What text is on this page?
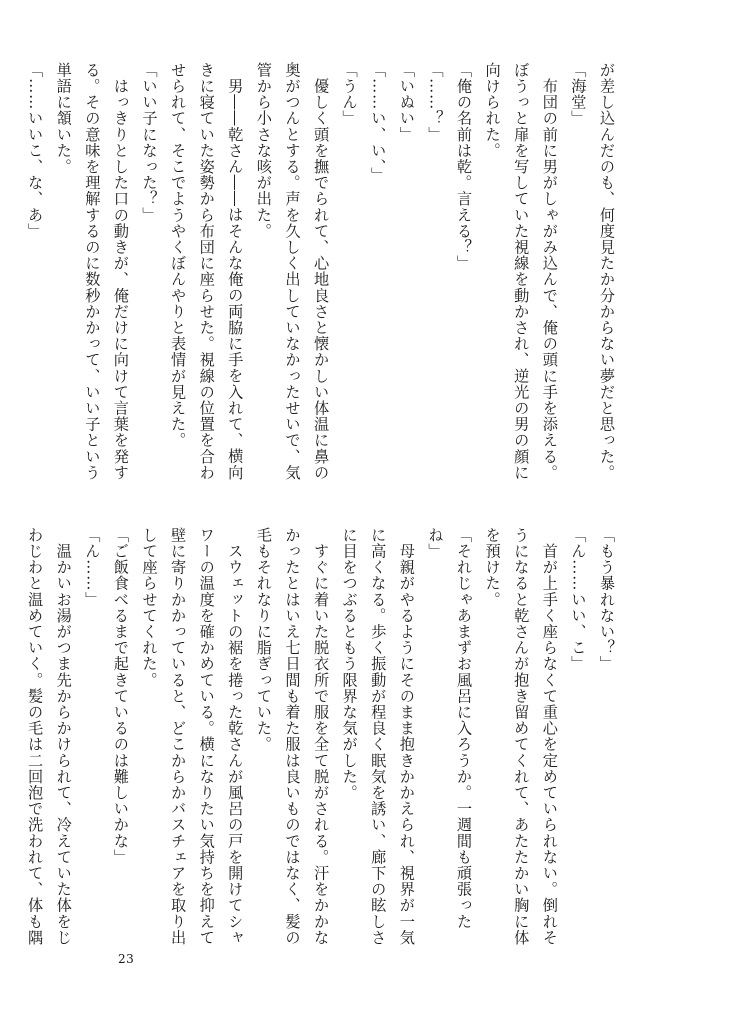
が差し込んだのも、何度見たか分からない夢だと思った。
「海堂」
　布団の前に男がしゃがみ込んで、俺の頭に手を添える。
ぼうっと扉を写していた視線を動かされ、逆光の男の顔に
向けられた。
「俺の名前は乾。言える？」
「……？」
「いぬい」
「……い、い、」
「うん」
　優しく頭を撫でられて、心地良さと懐かしい体温に鼻の
奥がつんとする。声を久しく出していなかったせいで、気
管から小さな咳が出た。
　男――乾さん――はそんな俺の両脇に手を入れて、横向
きに寝ていた姿勢から布団に座らせた。視線の位置を合わ
せられて、そこでようやくぼんやりと表情が見えた。
「いい子になった？」
　はっきりとした口の動きが、俺だけに向けて言葉を発す
る。その意味を理解するのに数秒かかって、いい子という
単語に頷いた。
「……いいこ、な、あ」
「もう暴れない？」
「ん……いい、こ」
　首が上手く座らなくて重心を定めていられない。倒れそ
うになると乾さんが抱き留めてくれて、あたたかい胸に体
を預けた。
「それじゃあまずお風呂に入ろうか。一週間も頑張った
ね」
　母親がやるようにそのまま抱きかかえられ、視界が一気
に高くなる。歩く振動が程良く眠気を誘い、廊下の眩しさ
に目をつぶるともう限界な気がした。
　すぐに着いた脱衣所で服を全て脱がされる。汗をかかな
かったとはいえ七日間も着た服は良いものではなく、髪の
毛もそれなりに脂ぎっていた。
　スウェットの裾を捲った乾さんが風呂の戸を開けてシャ
ワーの温度を確かめている。横になりたい気持ちを抑えて
壁に寄りかかっていると、どこからかバスチェアを取り出
して座らせてくれた。
「ご飯食べるまで起きているのは難しいかな」
「ん……」
　温かいお湯がつま先からかけられて、冷えていた体をじ
わじわと温めていく。髪の毛は二回泡で洗われて、体も隅
23
